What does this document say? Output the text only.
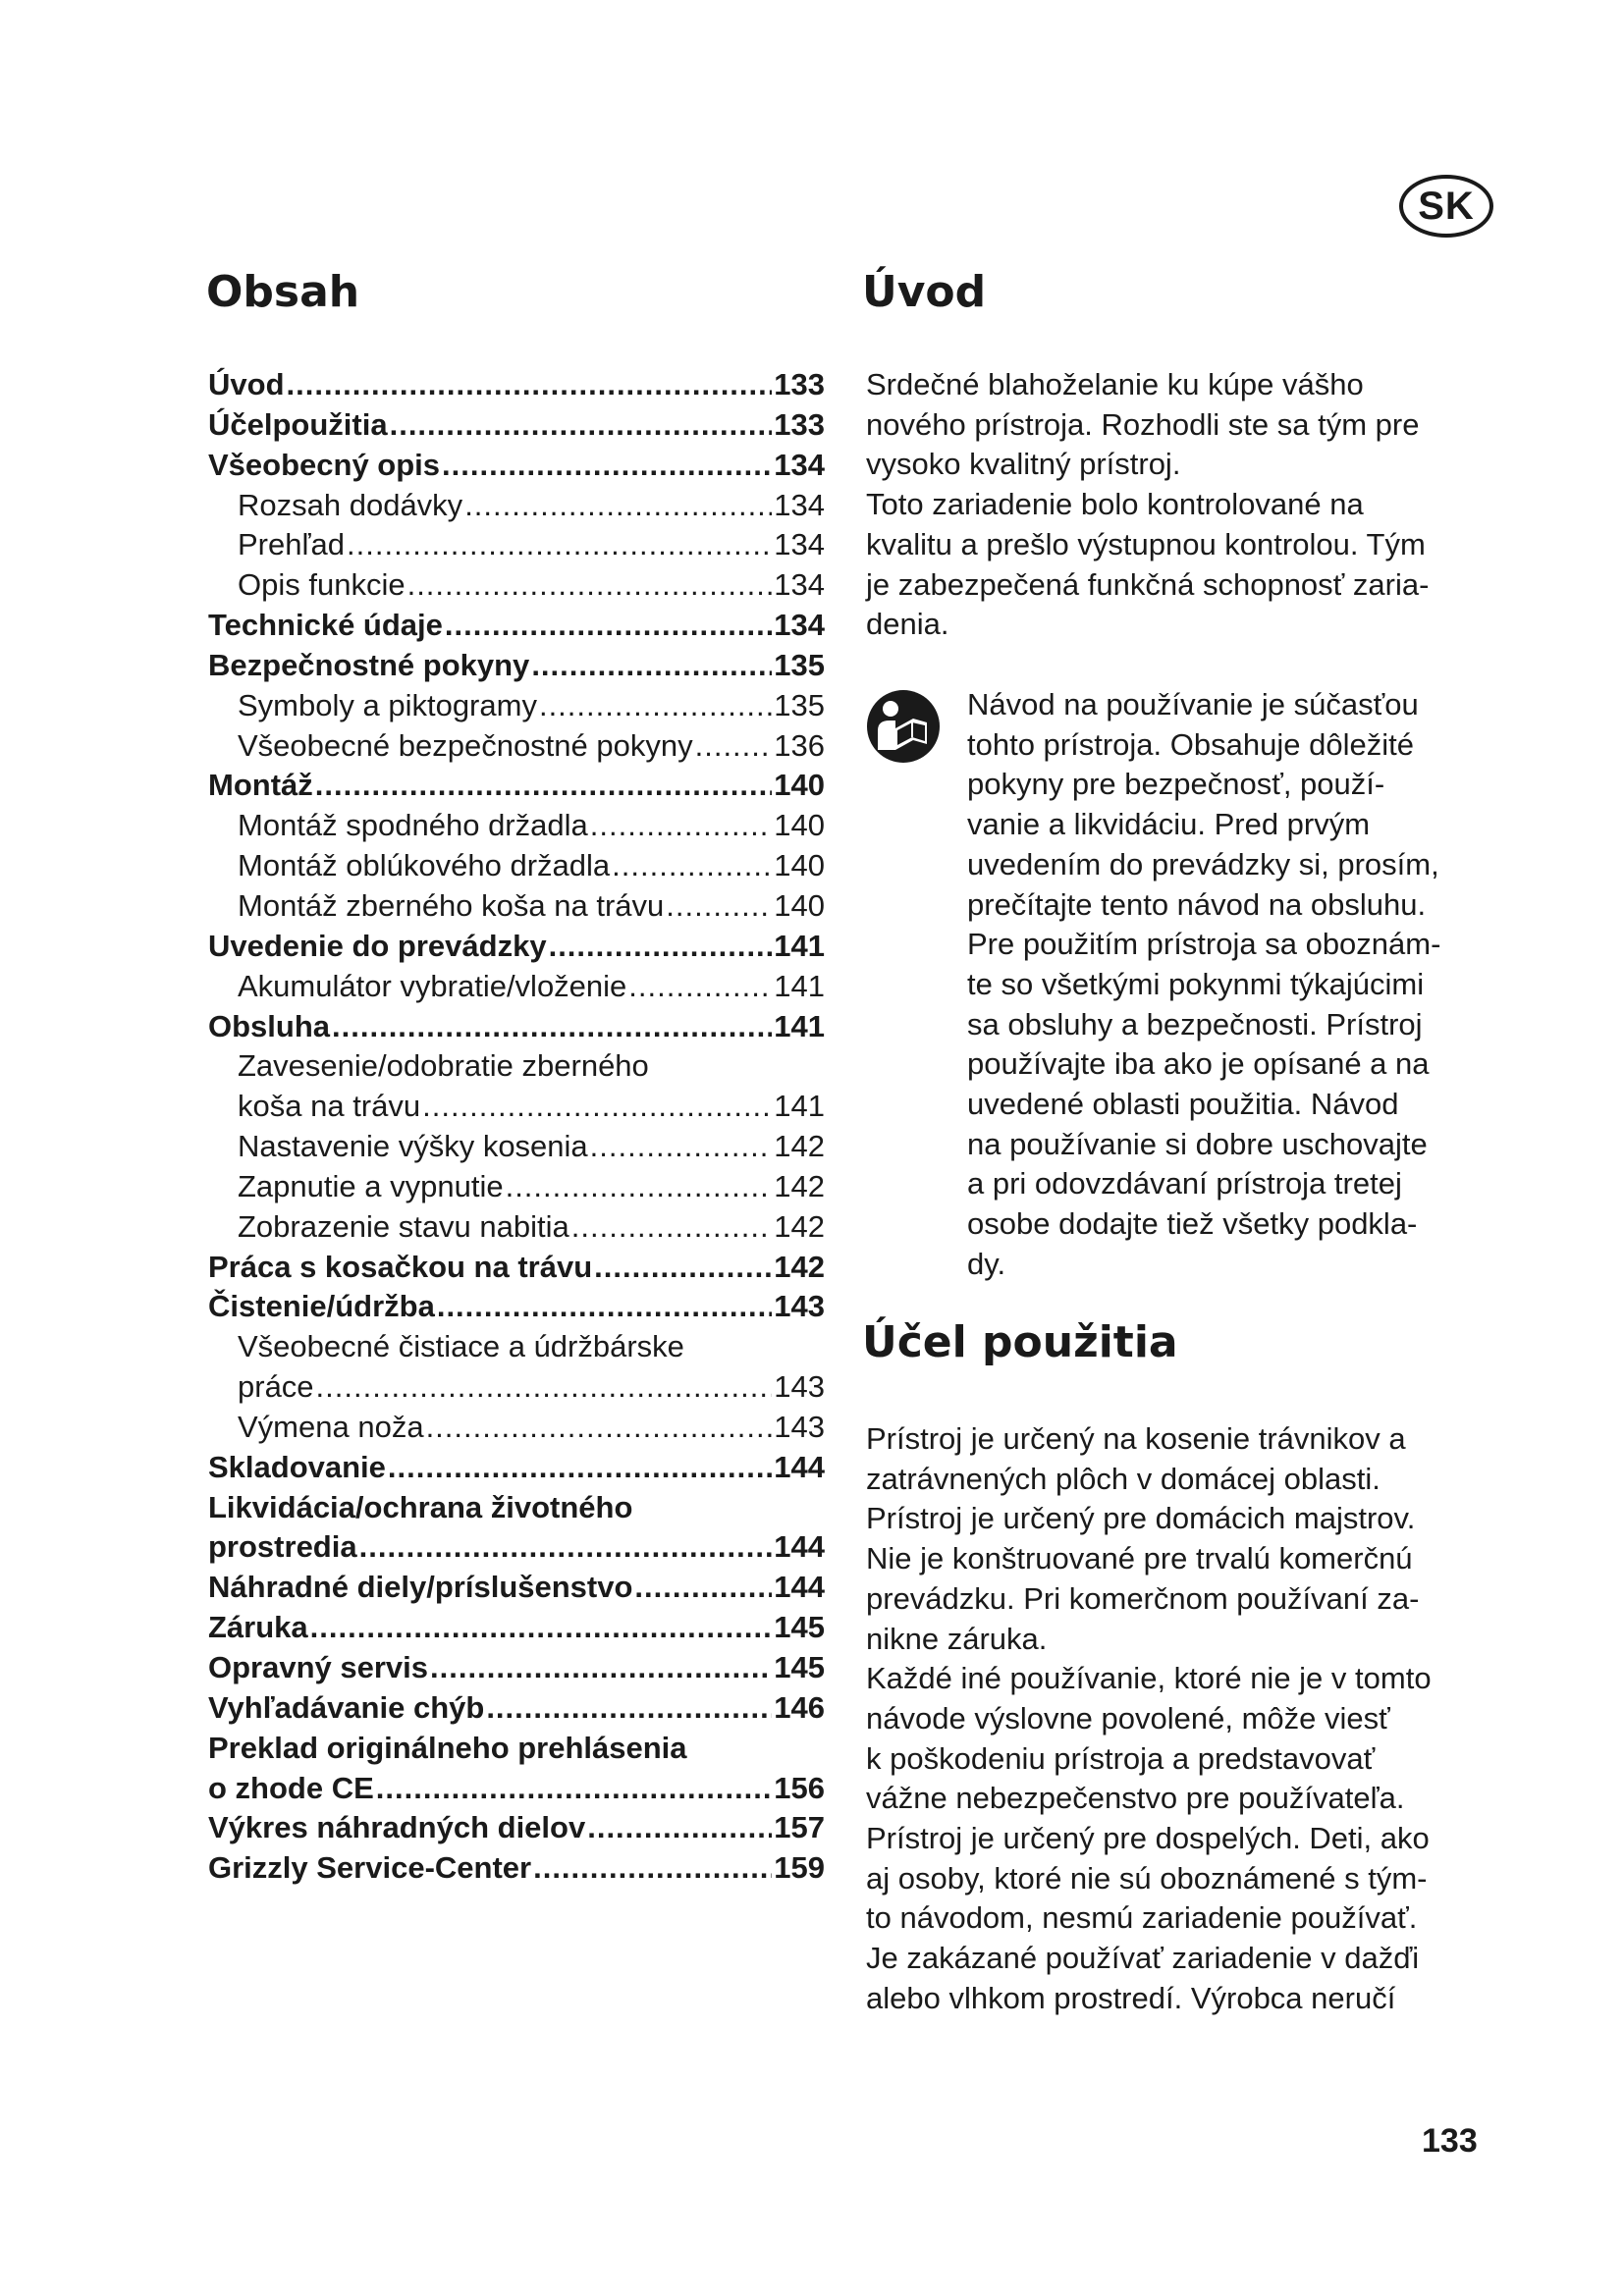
SK
Obsah
Úvod .....	133
Účelpoužitia .....	133
Všeobecný opis .....	134
Rozsah dodávky .....	134
Prehľad .....	134
Opis funkcie .....	134
Technické údaje .....	134
Bezpečnostné pokyny .....	135
Symboly a piktogramy .....	135
Všeobecné bezpečnostné pokyny .....	136
Montáž .....	140
Montáž spodného držadla .....	140
Montáž oblúkového držadla .....	140
Montáž zberného koša na trávu .....	140
Uvedenie do prevádzky .....	141
Akumulátor vybratie/vloženie .....	141
Obsluha .....	141
Zavesenie/odobratie zberného
koša na trávu .....	141
Nastavenie výšky kosenia .....	142
Zapnutie a vypnutie .....	142
Zobrazenie stavu nabitia .....	142
Práca s kosačkou na trávu .....	142
Čistenie/údržba .....	143
Všeobecné čistiace a údržbárske
práce .....	143
Výmena noža .....	143
Skladovanie .....	144
Likvidácia/ochrana životného
prostredia .....	144
Náhradné diely/príslušenstvo .....	144
Záruka .....	145
Opravný servis .....	145
Vyhľadávanie chýb .....	146
Preklad originálneho prehlásenia
o zhode CE .....	156
Výkres náhradných dielov .....	157
Grizzly Service-Center .....	159
Úvod

Srdečné blahoželanie ku kúpe vášho
nového prístroja. Rozhodli ste sa tým pre
vysoko kvalitný prístroj.
Toto zariadenie bolo kontrolované na
kvalitu a prešlo výstupnou kontrolou. Tým
je zabezpečená funkčná schopnosť zaria-
denia.

Návod na používanie je súčasťou
tohto prístroja. Obsahuje dôležité
pokyny pre bezpečnosť, použí-
vanie a likvidáciu. Pred prvým
uvedením do prevádzky si, prosím,
prečítajte tento návod na obsluhu.
Pre použitím prístroja sa oboznám-
te so všetkými pokynmi týkajúcimi
sa obsluhy a bezpečnosti. Prístroj
používajte iba ako je opísané a na
uvedené oblasti použitia. Návod
na používanie si dobre uschovajte
a pri odovzdávaní prístroja tretej
osobe dodajte tiež všetky podkla-
dy.

Účel použitia

Prístroj je určený na kosenie trávnikov a
zatrávnených plôch v domácej oblasti.
Prístroj je určený pre domácich majstrov.
Nie je konštruované pre trvalú komerčnú
prevádzku. Pri komerčnom používaní za-
nikne záruka.
Každé iné používanie, ktoré nie je v tomto
návode výslovne povolené, môže viesť
k poškodeniu prístroja a predstavovať
vážne nebezpečenstvo pre používateľa.
Prístroj je určený pre dospelých. Deti, ako
aj osoby, ktoré nie sú oboznámené s tým-
to návodom, nesmú zariadenie používať.
Je zakázané používať zariadenie v dažďi
alebo vlhkom prostredí. Výrobca neručí

133
